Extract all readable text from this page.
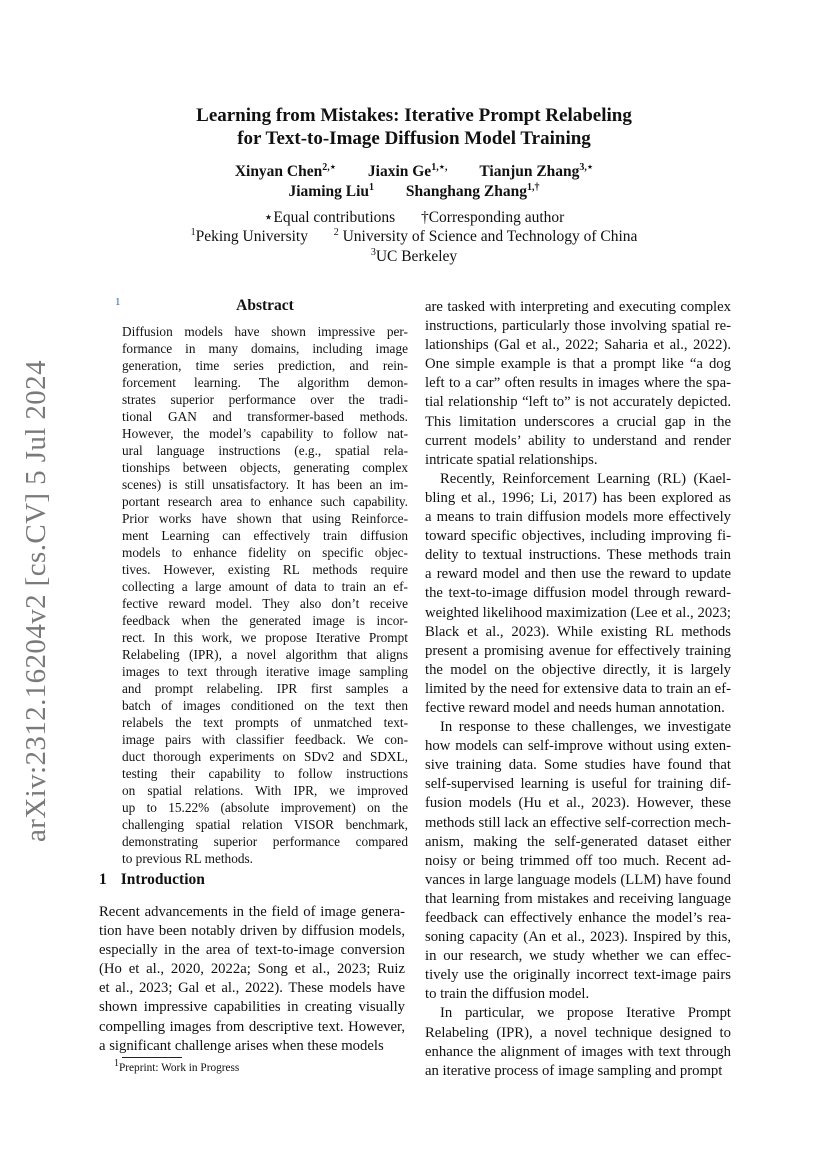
arXiv:2312.16204v2 [cs.CV] 5 Jul 2024
Learning from Mistakes: Iterative Prompt Relabeling
for Text-to-Image Diffusion Model Training
Xinyan Chen$^{2,⋆}$ Jiaxin $Ge^{1,⋆,}$ Tianjun Zhang$^{3,⋆}$
Jiaming Liu$^1$ Shanghang Zhang$^{1,\dagger}$
⋆Equal contributions †Corresponding author
$^1$Peking University	$^2$ University of Science and Technology of China
$^3$UC Berkeley
1	Abstract
Diffusion models have shown impressive per-
formance in many domains, including image
generation, time series prediction, and rein-
forcement learning. The algorithm demon-
strates superior performance over the tradi-
tional GAN and transformer-based methods.
However, the model’s capability to follow nat-
ural language instructions (e.g., spatial rela-
tionships between objects, generating complex
scenes) is still unsatisfactory. It has been an im-
portant research area to enhance such capability.
Prior works have shown that using Reinforce-
ment Learning can effectively train diffusion
models to enhance fidelity on specific objec-
tives. However, existing RL methods require
collecting a large amount of data to train an ef-
fective reward model. They also don’t receive
feedback when the generated image is incor-
rect. In this work, we propose Iterative Prompt
Relabeling (IPR), a novel algorithm that aligns
images to text through iterative image sampling
and prompt relabeling. IPR first samples a
batch of images conditioned on the text then
relabels the text prompts of unmatched text-
image pairs with classifier feedback. We con-
duct thorough experiments on SDv2 and SDXL,
testing their capability to follow instructions
on spatial relations. With IPR, we improved
up to 15.22% (absolute improvement) on the
challenging spatial relation VISOR benchmark,
demonstrating superior performance compared
to previous RL methods.
1 Introduction
Recent advancements in the field of image genera-
tion have been notably driven by diffusion models,
especially in the area of text-to-image conversion
(Ho et al., 2020, 2022a; Song et al., 2023; Ruiz
et al., 2023; Gal et al., 2022). These models have
shown impressive capabilities in creating visually
compelling images from descriptive text. However,
a significant challenge arises when these models
$^1$Preprint: Work in Progress
are tasked with interpreting and executing complex
instructions, particularly those involving spatial re-
lationships (Gal et al., 2022; Saharia et al., 2022).
One simple example is that a prompt like “a dog
left to a car” often results in images where the spa-
tial relationship “left to” is not accurately depicted.
This limitation underscores a crucial gap in the
current models’ ability to understand and render
intricate spatial relationships.
Recently, Reinforcement Learning (RL) (Kael-
bling et al., 1996; Li, 2017) has been explored as
a means to train diffusion models more effectively
toward specific objectives, including improving fi-
delity to textual instructions. These methods train
a reward model and then use the reward to update
the text-to-image diffusion model through reward-
weighted likelihood maximization (Lee et al., 2023;
Black et al., 2023). While existing RL methods
present a promising avenue for effectively training
the model on the objective directly, it is largely
limited by the need for extensive data to train an ef-
fective reward model and needs human annotation.
In response to these challenges, we investigate
how models can self-improve without using exten-
sive training data. Some studies have found that
self-supervised learning is useful for training dif-
fusion models (Hu et al., 2023). However, these
methods still lack an effective self-correction mech-
anism, making the self-generated dataset either
noisy or being trimmed off too much. Recent ad-
vances in large language models (LLM) have found
that learning from mistakes and receiving language
feedback can effectively enhance the model’s rea-
soning capacity (An et al., 2023). Inspired by this,
in our research, we study whether we can effec-
tively use the originally incorrect text-image pairs
to train the diffusion model.
In particular, we propose Iterative Prompt
Relabeling (IPR), a novel technique designed to
enhance the alignment of images with text through
an iterative process of image sampling and prompt
